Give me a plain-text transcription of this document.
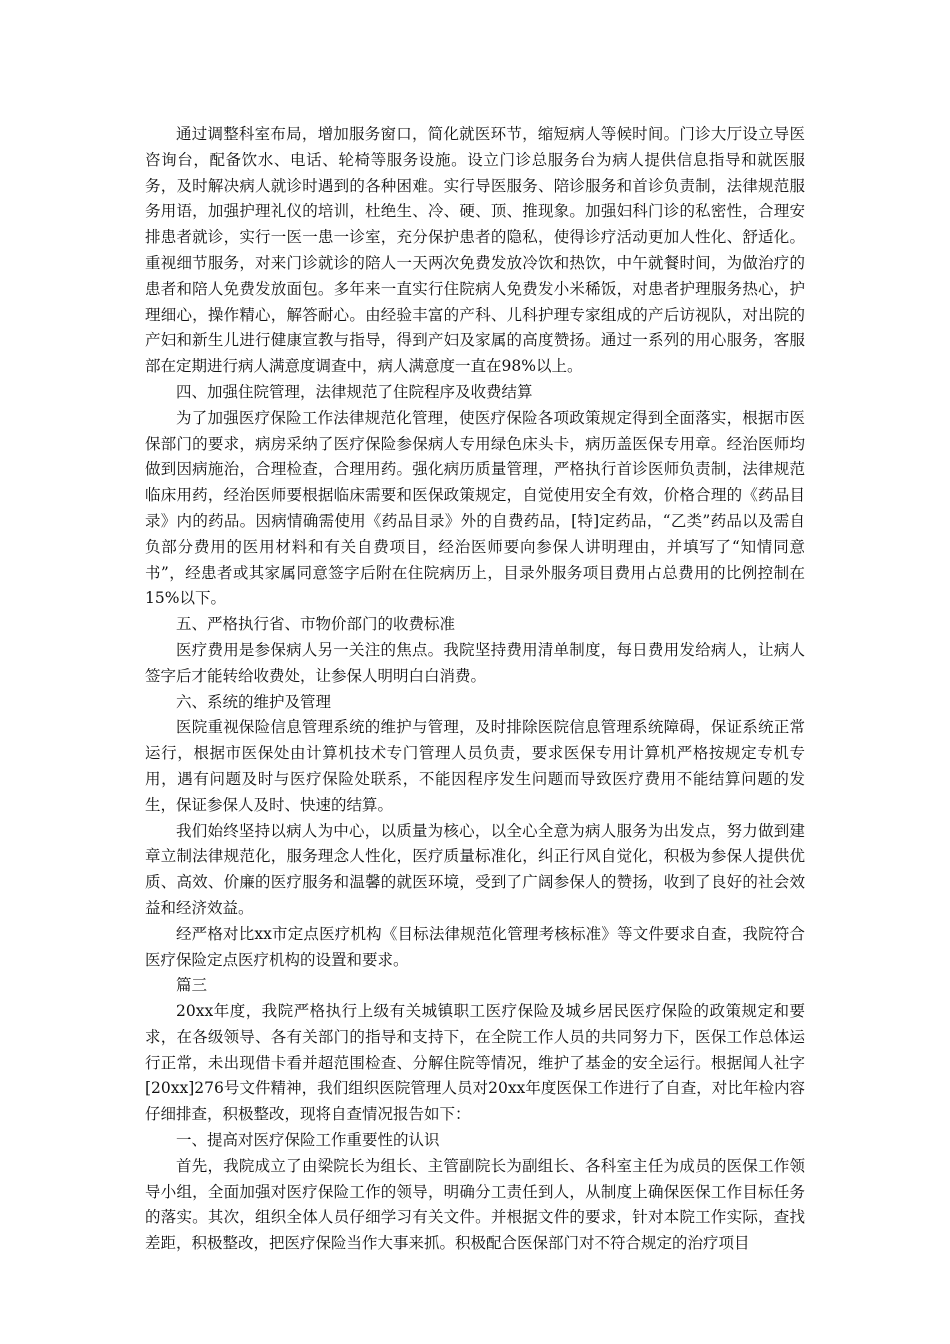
通过调整科室布局，增加服务窗口，简化就医环节，缩短病人等候时间。门诊大厅设立导医咨询台，配备饮水、电话、轮椅等服务设施。设立门诊总服务台为病人提供信息指导和就医服务，及时解决病人就诊时遇到的各种困难。实行导医服务、陪诊服务和首诊负责制，法律规范服务用语，加强护理礼仪的培训，杜绝生、冷、硬、顶、推现象。加强妇科门诊的私密性，合理安排患者就诊，实行一医一患一诊室，充分保护患者的隐私，使得诊疗活动更加人性化、舒适化。重视细节服务，对来门诊就诊的陪人一天两次免费发放冷饮和热饮，中午就餐时间，为做治疗的患者和陪人免费发放面包。多年来一直实行住院病人免费发小米稀饭，对患者护理服务热心，护理细心，操作精心，解答耐心。由经验丰富的产科、儿科护理专家组成的产后访视队，对出院的产妇和新生儿进行健康宣教与指导，得到产妇及家属的高度赞扬。通过一系列的用心服务，客服部在定期进行病人满意度调查中，病人满意度一直在98%以上。

四、加强住院管理，法律规范了住院程序及收费结算

为了加强医疗保险工作法律规范化管理，使医疗保险各项政策规定得到全面落实，根据市医保部门的要求，病房采纳了医疗保险参保病人专用绿色床头卡，病历盖医保专用章。经治医师均做到因病施治，合理检查，合理用药。强化病历质量管理，严格执行首诊医师负责制，法律规范临床用药，经治医师要根据临床需要和医保政策规定，自觉使用安全有效，价格合理的《药品目录》内的药品。因病情确需使用《药品目录》外的自费药品，[特]定药品，“乙类”药品以及需自负部分费用的医用材料和有关自费项目，经治医师要向参保人讲明理由，并填写了“知情同意书”，经患者或其家属同意签字后附在住院病历上，目录外服务项目费用占总费用的比例控制在15%以下。

五、严格执行省、市物价部门的收费标准

医疗费用是参保病人另一关注的焦点。我院坚持费用清单制度，每日费用发给病人，让病人签字后才能转给收费处，让参保人明明白白消费。

六、系统的维护及管理

医院重视保险信息管理系统的维护与管理，及时排除医院信息管理系统障碍，保证系统正常运行，根据市医保处由计算机技术专门管理人员负责，要求医保专用计算机严格按规定专机专用，遇有问题及时与医疗保险处联系，不能因程序发生问题而导致医疗费用不能结算问题的发生，保证参保人及时、快速的结算。

我们始终坚持以病人为中心，以质量为核心，以全心全意为病人服务为出发点，努力做到建章立制法律规范化，服务理念人性化，医疗质量标准化，纠正行风自觉化，积极为参保人提供优质、高效、价廉的医疗服务和温馨的就医环境，受到了广阔参保人的赞扬，收到了良好的社会效益和经济效益。

经严格对比xx市定点医疗机构《目标法律规范化管理考核标准》等文件要求自查，我院符合医疗保险定点医疗机构的设置和要求。

篇三

20xx年度，我院严格执行上级有关城镇职工医疗保险及城乡居民医疗保险的政策规定和要求，在各级领导、各有关部门的指导和支持下，在全院工作人员的共同努力下，医保工作总体运行正常，未出现借卡看并超范围检查、分解住院等情况，维护了基金的安全运行。根据闻人社字[20xx]276号文件精神，我们组织医院管理人员对20xx年度医保工作进行了自查，对比年检内容仔细排查，积极整改，现将自查情况报告如下：

一、提高对医疗保险工作重要性的认识

首先，我院成立了由梁院长为组长、主管副院长为副组长、各科室主任为成员的医保工作领导小组，全面加强对医疗保险工作的领导，明确分工责任到人，从制度上确保医保工作目标任务的落实。其次，组织全体人员仔细学习有关文件。并根据文件的要求，针对本院工作实际，查找差距，积极整改，把医疗保险当作大事来抓。积极配合医保部门对不符合规定的治疗项目
